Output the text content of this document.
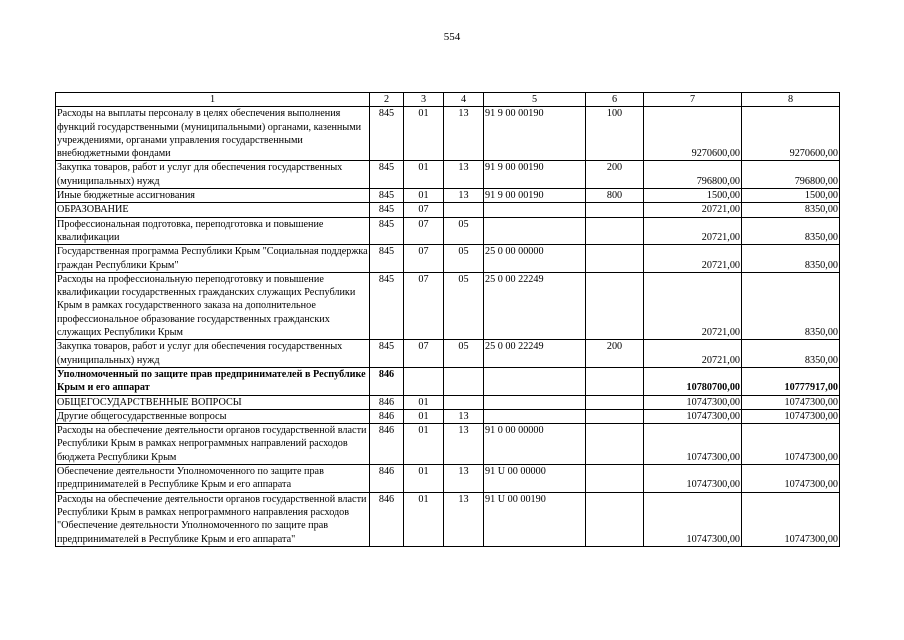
554
1	2	3	4	5	6	7	8
Расходы на выплаты персоналу в целях обеспечения выполнения функций государственными (муниципальными) органами, казенными учреждениями, органами управления государственными внебюджетными фондами	845	01	13	91 9 00 00190	100	9270600,00	9270600,00
Закупка товаров, работ и услуг для обеспечения государственных (муниципальных) нужд	845	01	13	91 9 00 00190	200	796800,00	796800,00
Иные бюджетные ассигнования	845	01	13	91 9 00 00190	800	1500,00	1500,00
ОБРАЗОВАНИЕ	845	07				20721,00	8350,00
Профессиональная подготовка, переподготовка и повышение квалификации	845	07	05			20721,00	8350,00
Государственная программа Республики Крым "Социальная поддержка граждан Республики Крым"	845	07	05	25 0 00 00000		20721,00	8350,00
Расходы на профессиональную переподготовку и повышение квалификации государственных гражданских служащих Республики Крым в рамках государственного заказа на дополнительное профессиональное образование государственных гражданских служащих Республики Крым	845	07	05	25 0 00 22249		20721,00	8350,00
Закупка товаров, работ и услуг для обеспечения государственных (муниципальных) нужд	845	07	05	25 0 00 22249	200	20721,00	8350,00
Уполномоченный по защите прав предпринимателей в Республике Крым и его аппарат	846					10780700,00	10777917,00
ОБЩЕГОСУДАРСТВЕННЫЕ ВОПРОСЫ	846	01				10747300,00	10747300,00
Другие общегосударственные вопросы	846	01	13			10747300,00	10747300,00
Расходы на обеспечение деятельности органов государственной власти Республики Крым в рамках непрограммных направлений расходов бюджета Республики Крым	846	01	13	91 0 00 00000		10747300,00	10747300,00
Обеспечение деятельности Уполномоченного по защите прав предпринимателей в Республике Крым и его аппарата	846	01	13	91 U 00 00000		10747300,00	10747300,00
Расходы на обеспечение деятельности органов государственной власти Республики Крым в рамках непрограммного направления расходов "Обеспечение деятельности Уполномоченного по защите прав предпринимателей в Республике Крым и его аппарата"	846	01	13	91 U 00 00190		10747300,00	10747300,00
